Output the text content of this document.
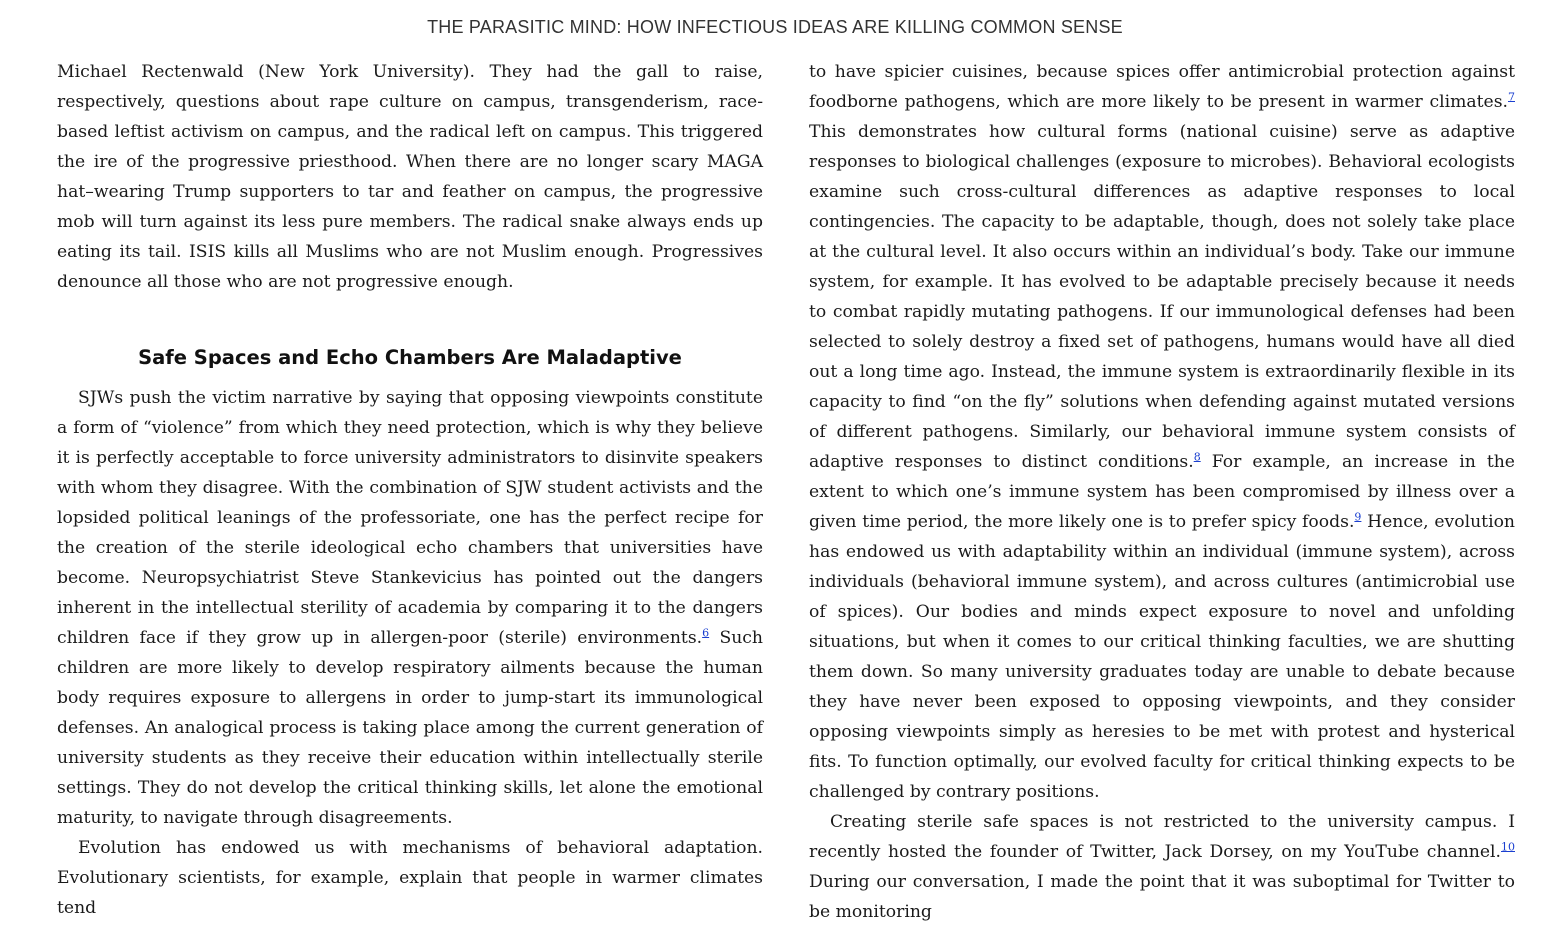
THE PARASITIC MIND: HOW INFECTIOUS IDEAS ARE KILLING COMMON SENSE

Michael Rectenwald (New York University). They had the gall to raise, respectively, questions about rape culture on campus, transgenderism, race-based leftist activism on campus, and the radical left on campus. This triggered the ire of the progressive priesthood. When there are no longer scary MAGA hat–wearing Trump supporters to tar and feather on campus, the progressive mob will turn against its less pure members. The radical snake always ends up eating its tail. ISIS kills all Muslims who are not Muslim enough. Progressives denounce all those who are not progressive enough.

Safe Spaces and Echo Chambers Are Maladaptive

SJWs push the victim narrative by saying that opposing viewpoints constitute a form of “violence” from which they need protection, which is why they believe it is perfectly acceptable to force university administrators to disinvite speakers with whom they disagree. With the combination of SJW student activists and the lopsided political leanings of the professoriate, one has the perfect recipe for the creation of the sterile ideological echo chambers that universities have become. Neuropsychiatrist Steve Stankevicius has pointed out the dangers inherent in the intellectual sterility of academia by comparing it to the dangers children face if they grow up in allergen-poor (sterile) environments.$^6$ Such children are more likely to develop respiratory ailments because the human body requires exposure to allergens in order to jump-start its immunological defenses. An analogical process is taking place among the current generation of university students as they receive their education within intellectually sterile settings. They do not develop the critical thinking skills, let alone the emotional maturity, to navigate through disagreements.

Evolution has endowed us with mechanisms of behavioral adaptation. Evolutionary scientists, for example, explain that people in warmer climates tend

to have spicier cuisines, because spices offer antimicrobial protection against foodborne pathogens, which are more likely to be present in warmer climates.$^7$ This demonstrates how cultural forms (national cuisine) serve as adaptive responses to biological challenges (exposure to microbes). Behavioral ecologists examine such cross-cultural differences as adaptive responses to local contingencies. The capacity to be adaptable, though, does not solely take place at the cultural level. It also occurs within an individual’s body. Take our immune system, for example. It has evolved to be adaptable precisely because it needs to combat rapidly mutating pathogens. If our immunological defenses had been selected to solely destroy a fixed set of pathogens, humans would have all died out a long time ago. Instead, the immune system is extraordinarily flexible in its capacity to find “on the fly” solutions when defending against mutated versions of different pathogens. Similarly, our behavioral immune system consists of adaptive responses to distinct conditions.$^8$ For example, an increase in the extent to which one’s immune system has been compromised by illness over a given time period, the more likely one is to prefer spicy foods.$^9$ Hence, evolution has endowed us with adaptability within an individual (immune system), across individuals (behavioral immune system), and across cultures (antimicrobial use of spices). Our bodies and minds expect exposure to novel and unfolding situations, but when it comes to our critical thinking faculties, we are shutting them down. So many university graduates today are unable to debate because they have never been exposed to opposing viewpoints, and they consider opposing viewpoints simply as heresies to be met with protest and hysterical fits. To function optimally, our evolved faculty for critical thinking expects to be challenged by contrary positions.

Creating sterile safe spaces is not restricted to the university campus. I recently hosted the founder of Twitter, Jack Dorsey, on my YouTube channel.$^{10}$ During our conversation, I made the point that it was suboptimal for Twitter to be monitoring
